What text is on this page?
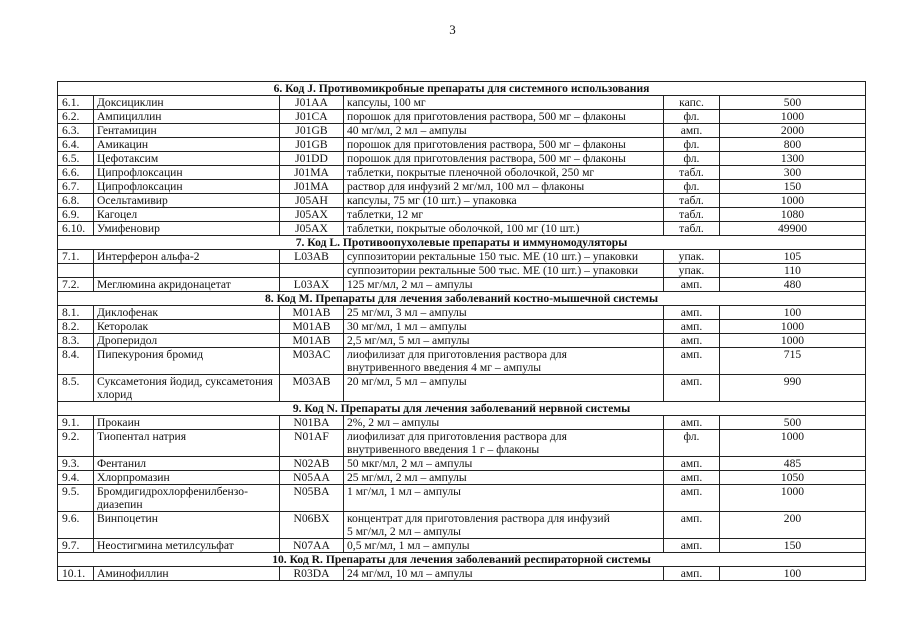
3
6. Код J. Противомикробные препараты для системного использования					
6.1.	Доксициклин	J01AA	капсулы, 100 мг	капс.	500
6.2.	Ампициллин	J01CA	порошок для приготовления раствора, 500 мг – флаконы	фл.	1000
6.3.	Гентамицин	J01GB	40 мг/мл, 2 мл – ампулы	амп.	2000
6.4.	Амикацин	J01GB	порошок для приготовления раствора, 500 мг – флаконы	фл.	800
6.5.	Цефотаксим	J01DD	порошок для приготовления раствора, 500 мг – флаконы	фл.	1300
6.6.	Ципрофлоксацин	J01MA	таблетки, покрытые пленочной оболочкой, 250 мг	табл.	300
6.7.	Ципрофлоксацин	J01MA	раствор для инфузий 2 мг/мл, 100 мл – флаконы	фл.	150
6.8.	Осельтамивир	J05AH	капсулы, 75 мг (10 шт.) – упаковка	табл.	1000
6.9.	Кагоцел	J05AX	таблетки, 12 мг	табл.	1080
6.10.	Умифеновир	J05AX	таблетки, покрытые оболочкой, 100 мг (10 шт.)	табл.	49900
7. Код L. Противоопухолевые препараты и иммуномодуляторы					
7.1.	Интерферон альфа-2	L03AB	суппозитории ректальные 150 тыс. МЕ (10 шт.) – упаковки	упак.	105

			суппозитории ректальные 500 тыс. МЕ (10 шт.) – упаковки	упак.	110
7.2.	Меглюмина акридонацетат	L03AX	125 мг/мл, 2 мл – ампулы	амп.	480
8. Код М. Препараты для лечения заболеваний костно-мышечной системы					
8.1.	Диклофенак	M01AB	25 мг/мл, 3 мл – ампулы	амп.	100
8.2.	Кеторолак	M01AB	30 мг/мл, 1 мл – ампулы	амп.	1000
8.3.	Дроперидол	M01AB	2,5 мг/мл, 5 мл – ампулы	амп.	1000
8.4.	Пипекурония бромид	M03AC	лиофилизат для приготовления раствора для
внутривенного введения 4 мг – ампулы	амп.	715
8.5.	Суксаметония йодид, суксаметония хлорид	M03AB	20 мг/мл, 5 мл – ампулы	амп.	990
9. Код N. Препараты для лечения заболеваний нервной системы					
9.1.	Прокаин	N01BA	2%, 2 мл – ампулы	амп.	500
9.2.	Тиопентал натрия	N01AF	лиофилизат для приготовления раствора для
внутривенного введения 1 г – флаконы	фл.	1000
9.3.	Фентанил	N02AB	50 мкг/мл, 2 мл – ампулы	амп.	485
9.4.	Хлорпромазин	N05AA	25 мг/мл, 2 мл – ампулы	амп.	1050
9.5.	Бромдигидрохлорфенилбензо-диазепин	N05BA	1 мг/мл, 1 мл – ампулы	амп.	1000
9.6.	Винпоцетин	N06BX	концентрат для приготовления раствора для инфузий
5 мг/мл, 2 мл – ампулы	амп.	200
9.7.	Неостигмина метилсульфат	N07AA	0,5 мг/мл, 1 мл – ампулы	амп.	150
10. Код R. Препараты для лечения заболеваний респираторной системы					
10.1.	Аминофиллин	R03DA	24 мг/мл, 10 мл – ампулы	амп.	100
